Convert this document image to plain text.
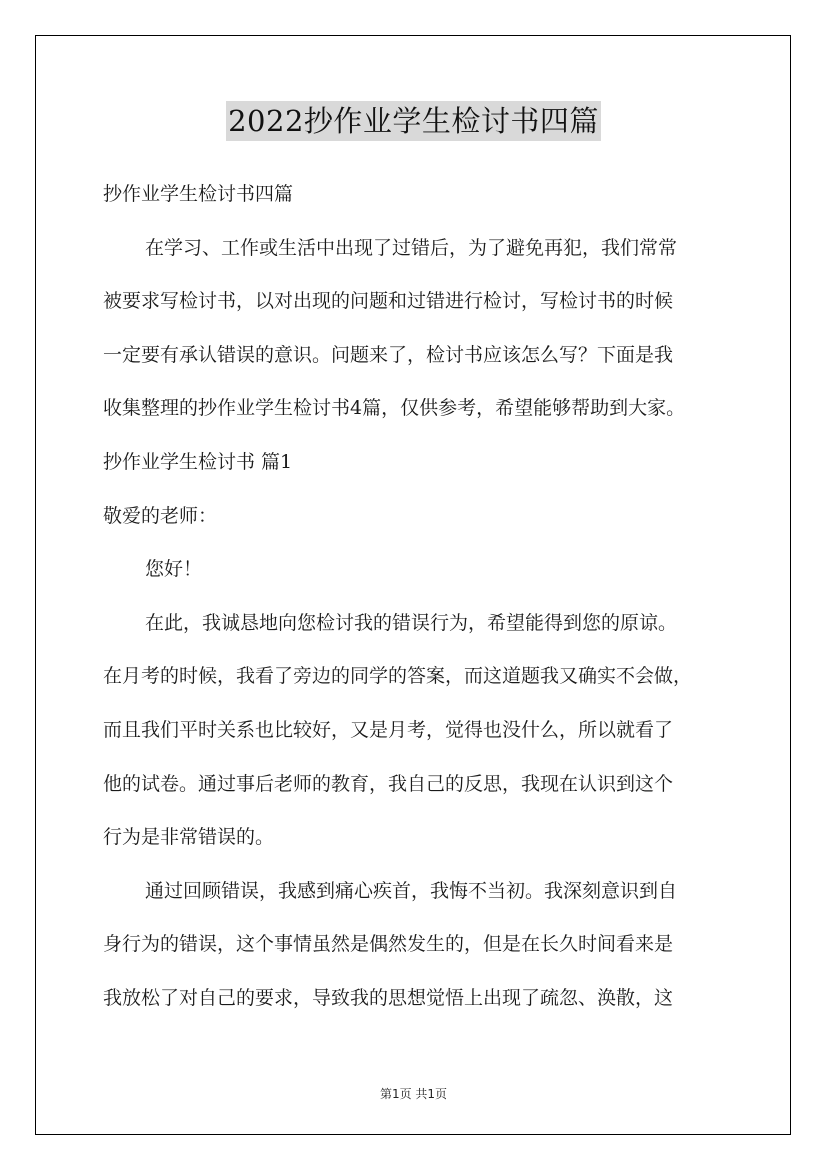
2022抄作业学生检讨书四篇
抄作业学生检讨书四篇
在学习、工作或生活中出现了过错后，为了避免再犯，我们常常
被要求写检讨书，以对出现的问题和过错进行检讨，写检讨书的时候
一定要有承认错误的意识。问题来了，检讨书应该怎么写？下面是我
收集整理的抄作业学生检讨书4篇，仅供参考，希望能够帮助到大家。
抄作业学生检讨书 篇1
敬爱的老师：
您好！
在此，我诚恳地向您检讨我的错误行为，希望能得到您的原谅。
在月考的时候，我看了旁边的同学的答案，而这道题我又确实不会做，
而且我们平时关系也比较好，又是月考，觉得也没什么，所以就看了
他的试卷。通过事后老师的教育，我自己的反思，我现在认识到这个
行为是非常错误的。
通过回顾错误，我感到痛心疾首，我悔不当初。我深刻意识到自
身行为的错误，这个事情虽然是偶然发生的，但是在长久时间看来是
我放松了对自己的要求，导致我的思想觉悟上出现了疏忽、涣散，这
第1页 共1页
